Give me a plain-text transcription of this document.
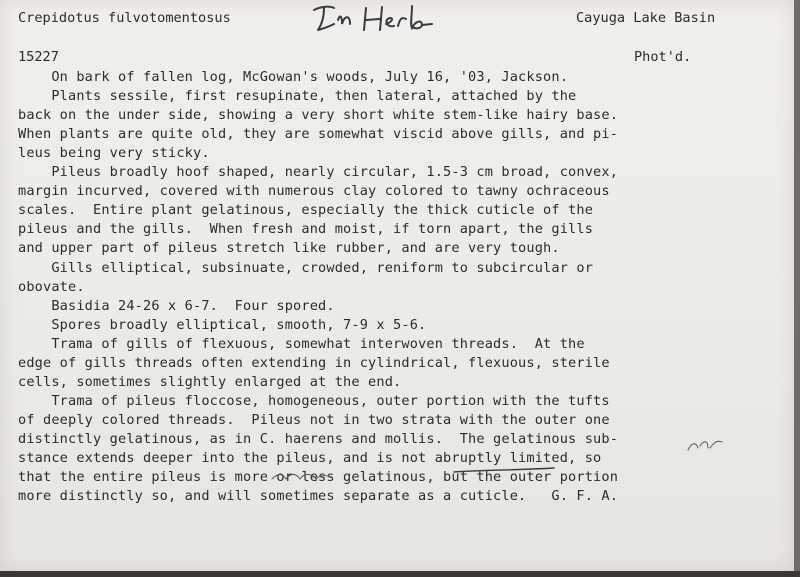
Crepidotus fulvotomentosus	Cayuga Lake Basin
15227	Phot'd.

On bark of fallen log, McGowan's woods, July 16, '03, Jackson.

Plants sessile, first resupinate, then lateral, attached by the

back on the under side, showing a very short white stem-like hairy base.

When plants are quite old, they are somewhat viscid above gills, and pi-

leus being very sticky.

Pileus broadly hoof shaped, nearly circular, 1.5-3 cm broad, convex,

margin incurved, covered with numerous clay colored to tawny ochraceous

scales.  Entire plant gelatinous, especially the thick cuticle of the

pileus and the gills.  When fresh and moist, if torn apart, the gills

and upper part of pileus stretch like rubber, and are very tough.

Gills elliptical, subsinuate, crowded, reniform to subcircular or

obovate.

Basidia 24-26 x 6-7.  Four spored.

Spores broadly elliptical, smooth, 7-9 x 5-6.

Trama of gills of flexuous, somewhat interwoven threads.  At the

edge of gills threads often extending in cylindrical, flexuous, sterile

cells, sometimes slightly enlarged at the end.

Trama of pileus floccose, homogeneous, outer portion with the tufts

of deeply colored threads.  Pileus not in two strata with the outer one

distinctly gelatinous, as in C. haerens and mollis.  The gelatinous sub-

stance extends deeper into the pileus, and is not abruptly limited, so

that the entire pileus is more or less gelatinous, but the outer portion

more distinctly so, and will sometimes separate as a cuticle.   G. F. A.
